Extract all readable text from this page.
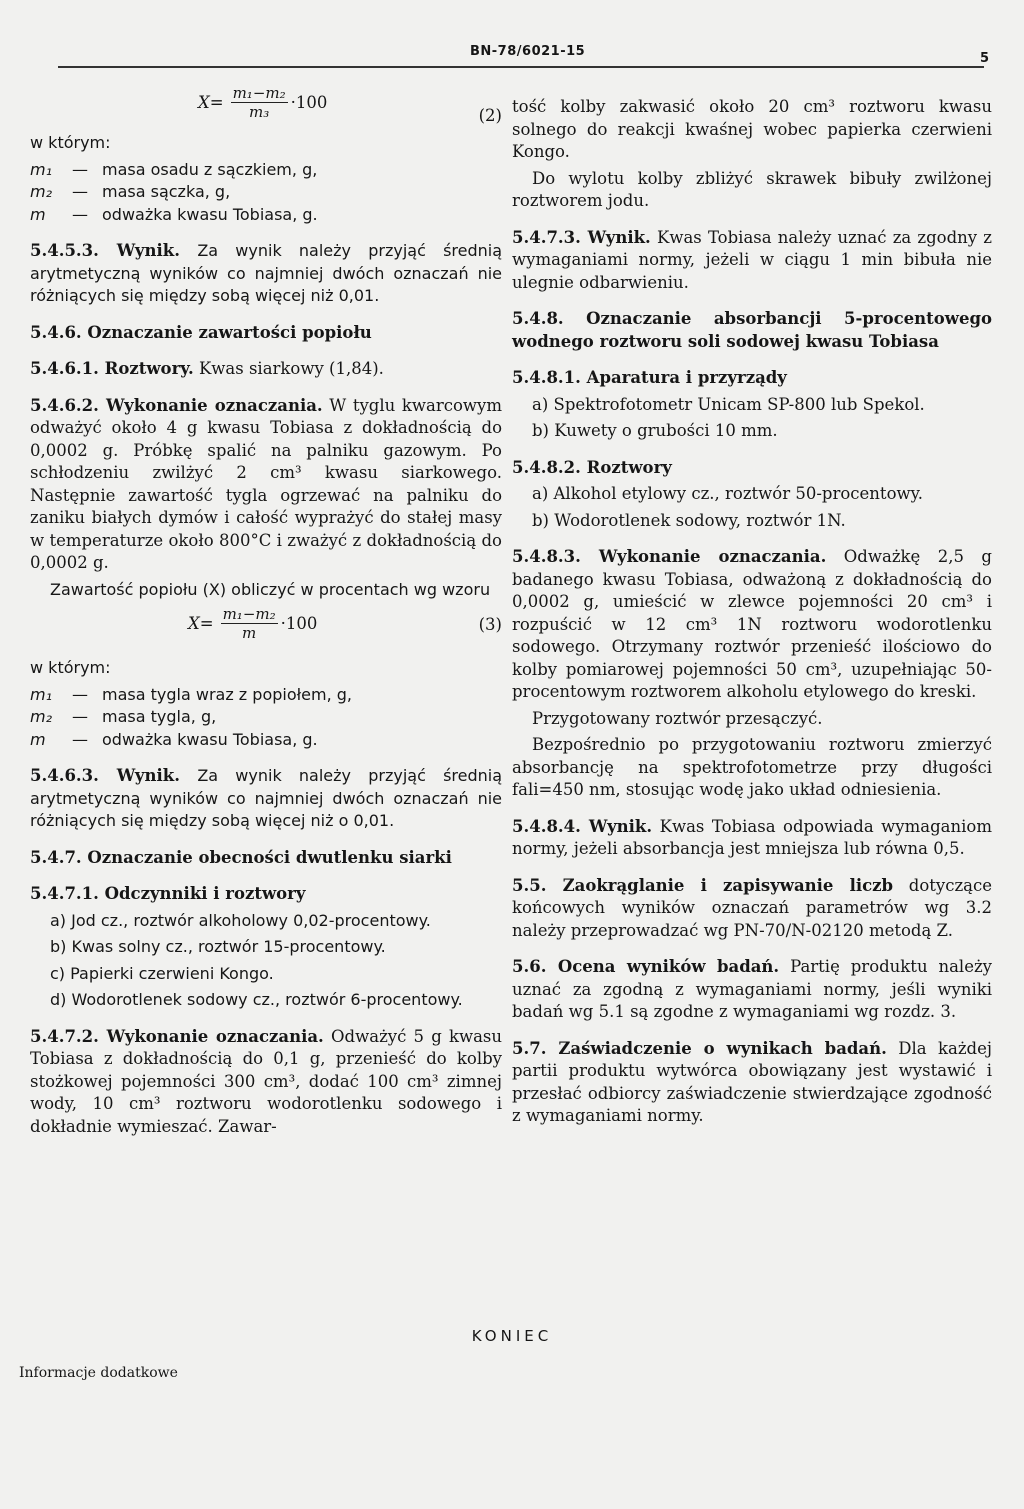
BN-78/6021-15	5
$X= \frac{\text{m₁−m₂}}{\text{m₃}} \cdot 100$
(2)

w którym:

m₁	— masa osadu z sączkiem, g,
m₂	— masa sączka, g,
m	— odważka kwasu Tobiasa, g.

5.4.5.3. Wynik. Za wynik należy przyjąć średnią arytmetyczną wyników co najmniej dwóch oznaczań nie różniących się między sobą więcej niż 0,01.

5.4.6. Oznaczanie zawartości popiołu

5.4.6.1. Roztwory. Kwas siarkowy (1,84).

5.4.6.2. Wykonanie oznaczania. W tyglu kwarcowym odważyć około 4 g kwasu Tobiasa z dokładnością do 0,0002 g. Próbkę spalić na palniku gazowym. Po schłodzeniu zwilżyć 2 cm³ kwasu siarkowego. Następnie zawartość tygla ogrzewać na palniku do zaniku białych dymów i całość wyprażyć do stałej masy w temperaturze około 800°C i zważyć z dokładnością do 0,0002 g.

Zawartość popiołu (X) obliczyć w procentach wg wzoru

$X= \frac{\text{m₁−m₂}}{m} \cdot 100$	(3)

w którym:

m₁	— masa tygla wraz z popiołem, g,
m₂	— masa tygla, g,
m	— odważka kwasu Tobiasa, g.

5.4.6.3. Wynik. Za wynik należy przyjąć średnią arytmetyczną wyników co najmniej dwóch oznaczań nie różniących się między sobą więcej niż o 0,01.

5.4.7. Oznaczanie obecności dwutlenku siarki

5.4.7.1. Odczynniki i roztwory

a) Jod cz., roztwór alkoholowy 0,02-procentowy.

b) Kwas solny cz., roztwór 15-procentowy.

c) Papierki czerwieni Kongo.

d) Wodorotlenek sodowy cz., roztwór 6-procentowy.

5.4.7.2. Wykonanie oznaczania. Odważyć 5 g kwasu Tobiasa z dokładnością do 0,1 g, przenieść do kolby stożkowej pojemności 300 cm³, dodać 100 cm³ zimnej wody, 10 cm³ roztworu wodorotlenku sodowego i dokładnie wymieszać. Zawar-

tość kolby zakwasić około 20 cm³ roztworu kwasu solnego do reakcji kwaśnej wobec papierka czerwieni Kongo.

Do wylotu kolby zbliżyć skrawek bibuły zwilżonej roztworem jodu.

5.4.7.3. Wynik. Kwas Tobiasa należy uznać za zgodny z wymaganiami normy, jeżeli w ciągu 1 min bibuła nie ulegnie odbarwieniu.

5.4.8. Oznaczanie absorbancji 5-procentowego wodnego roztworu soli sodowej kwasu Tobiasa

5.4.8.1. Aparatura i przyrządy

a) Spektrofotometr Unicam SP-800 lub Spekol.

b) Kuwety o grubości 10 mm.

5.4.8.2. Roztwory

a) Alkohol etylowy cz., roztwór 50-procentowy.

b) Wodorotlenek sodowy, roztwór 1N.

5.4.8.3. Wykonanie oznaczania. Odważkę 2,5 g badanego kwasu Tobiasa, odważoną z dokładnością do 0,0002 g, umieścić w zlewce pojemności 20 cm³ i rozpuścić w 12 cm³ 1N roztworu wodorotlenku sodowego. Otrzymany roztwór przenieść ilościowo do kolby pomiarowej pojemności 50 cm³, uzupełniając 50-procentowym roztworem alkoholu etylowego do kreski.

Przygotowany roztwór przesączyć.

Bezpośrednio po przygotowaniu roztworu zmierzyć absorbancję na spektrofotometrze przy długości fali=450 nm, stosując wodę jako układ odniesienia.

5.4.8.4. Wynik. Kwas Tobiasa odpowiada wymaganiom normy, jeżeli absorbancja jest mniejsza lub równa 0,5.

5.5. Zaokrąglanie i zapisywanie liczb dotyczące końcowych wyników oznaczań parametrów wg 3.2 należy przeprowadzać wg PN-70/N-02120 metodą Z.

5.6. Ocena wyników badań. Partię produktu należy uznać za zgodną z wymaganiami normy, jeśli wyniki badań wg 5.1 są zgodne z wymaganiami wg rozdz. 3.

5.7. Zaświadczenie o wynikach badań. Dla każdej partii produktu wytwórca obowiązany jest wystawić i przesłać odbiorcy zaświadczenie stwierdzające zgodność z wymaganiami normy.

KONIEC
Informacje dodatkowe
